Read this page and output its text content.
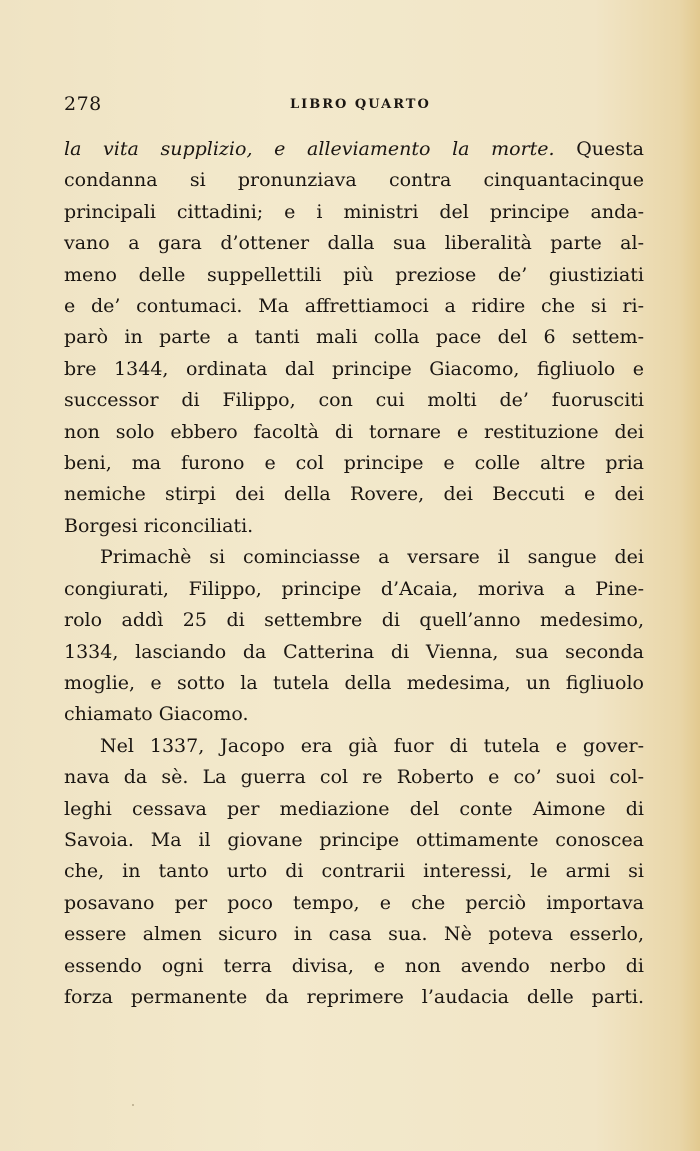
278	LIBRO QUARTO

la vita supplizio, e alleviamento la morte. Questa
condanna si pronunziava contra cinquantacinque
principali cittadini; e i ministri del principe anda-
vano a gara d’ottener dalla sua liberalità parte al-
meno delle suppellettili più preziose de’ giustiziati
e de’ contumaci. Ma affrettiamoci a ridire che si ri-
parò in parte a tanti mali colla pace del 6 settem-
bre 1344, ordinata dal principe Giacomo, figliuolo e
successor di Filippo, con cui molti de’ fuorusciti
non solo ebbero facoltà di tornare e restituzione dei
beni, ma furono e col principe e colle altre pria
nemiche stirpi dei della Rovere, dei Beccuti e dei
Borgesi riconciliati.

Primachè si cominciasse a versare il sangue dei
congiurati, Filippo, principe d’Acaia, moriva a Pine-
rolo addì 25 di settembre di quell’anno medesimo,
1334, lasciando da Catterina di Vienna, sua seconda
moglie, e sotto la tutela della medesima, un figliuolo
chiamato Giacomo.

Nel 1337, Jacopo era già fuor di tutela e gover-
nava da sè. La guerra col re Roberto e co’ suoi col-
leghi cessava per mediazione del conte Aimone di
Savoia. Ma il giovane principe ottimamente conoscea
che, in tanto urto di contrarii interessi, le armi si
posavano per poco tempo, e che perciò importava
essere almen sicuro in casa sua. Nè poteva esserlo,
essendo ogni terra divisa, e non avendo nerbo di
forza permanente da reprimere l’audacia delle parti.
